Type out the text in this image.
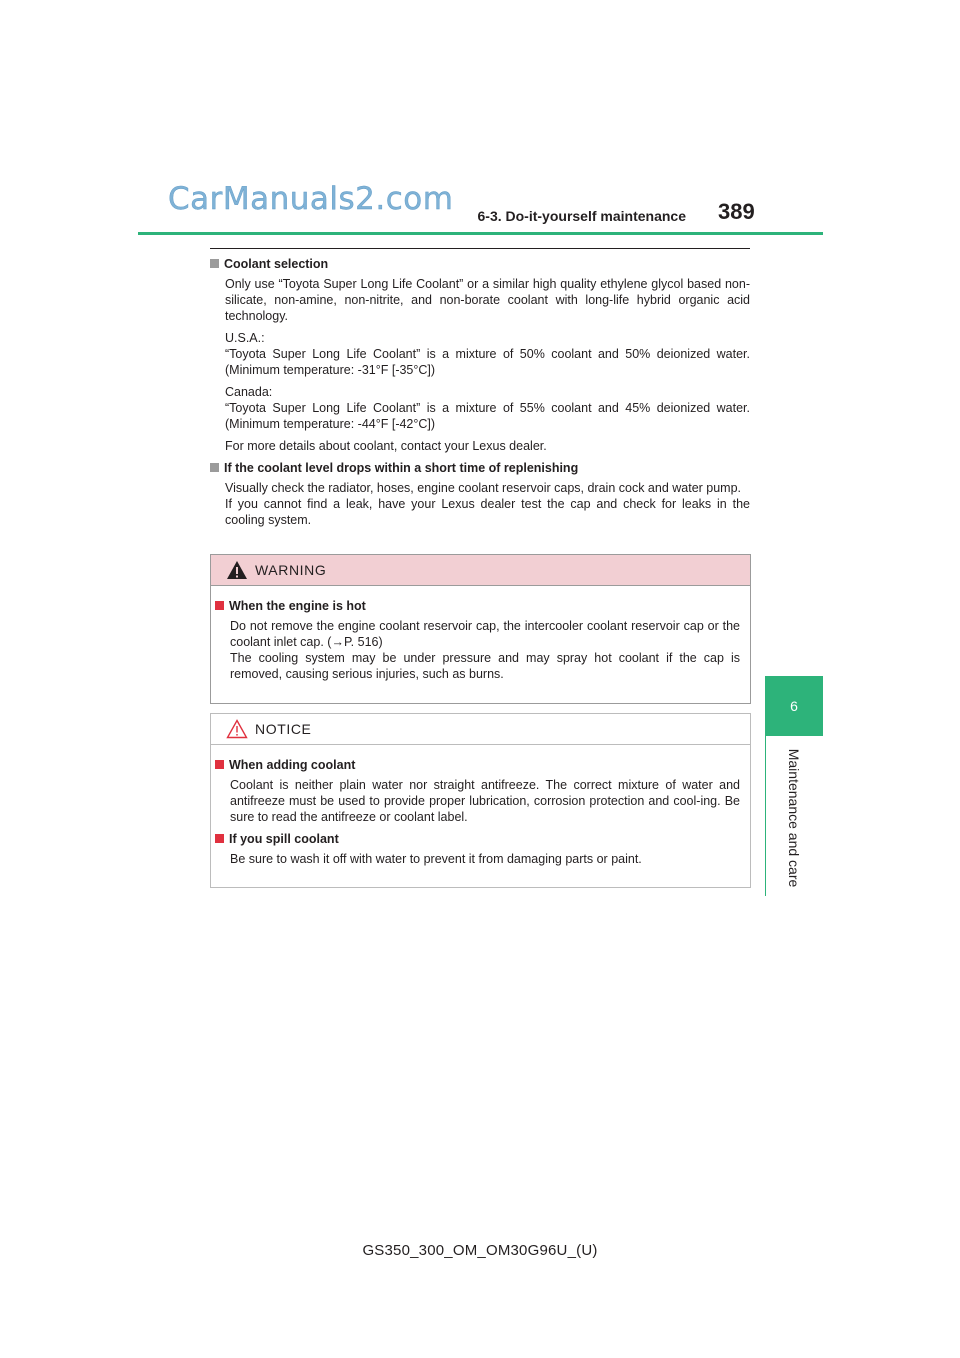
CarManuals2.com	6-3. Do-it-yourself maintenance 389
6
Maintenance and care
Coolant selection

Only use “Toyota Super Long Life Coolant” or a similar high quality ethylene glycol based non-silicate, non-amine, non-nitrite, and non-borate coolant with long-life hybrid organic acid technology.

U.S.A.:

“Toyota Super Long Life Coolant” is a mixture of 50% coolant and 50% deionized water. (Minimum temperature: -31°F [-35°C])

Canada:

“Toyota Super Long Life Coolant” is a mixture of 55% coolant and 45% deionized water. (Minimum temperature: -44°F [-42°C])

For more details about coolant, contact your Lexus dealer.

If the coolant level drops within a short time of replenishing

Visually check the radiator, hoses, engine coolant reservoir caps, drain cock and water pump.

If you cannot find a leak, have your Lexus dealer test the cap and check for leaks in the cooling system.

WARNING
When the engine is hot

Do not remove the engine coolant reservoir cap, the intercooler coolant reservoir cap or the coolant inlet cap. (→P. 516)

The cooling system may be under pressure and may spray hot coolant if the cap is removed, causing serious injuries, such as burns.

NOTICE
When adding coolant

Coolant is neither plain water nor straight antifreeze. The correct mixture of water and antifreeze must be used to provide proper lubrication, corrosion protection and cool-ing. Be sure to read the antifreeze or coolant label.

If you spill coolant

Be sure to wash it off with water to prevent it from damaging parts or paint.

GS350_300_OM_OM30G96U_(U)
